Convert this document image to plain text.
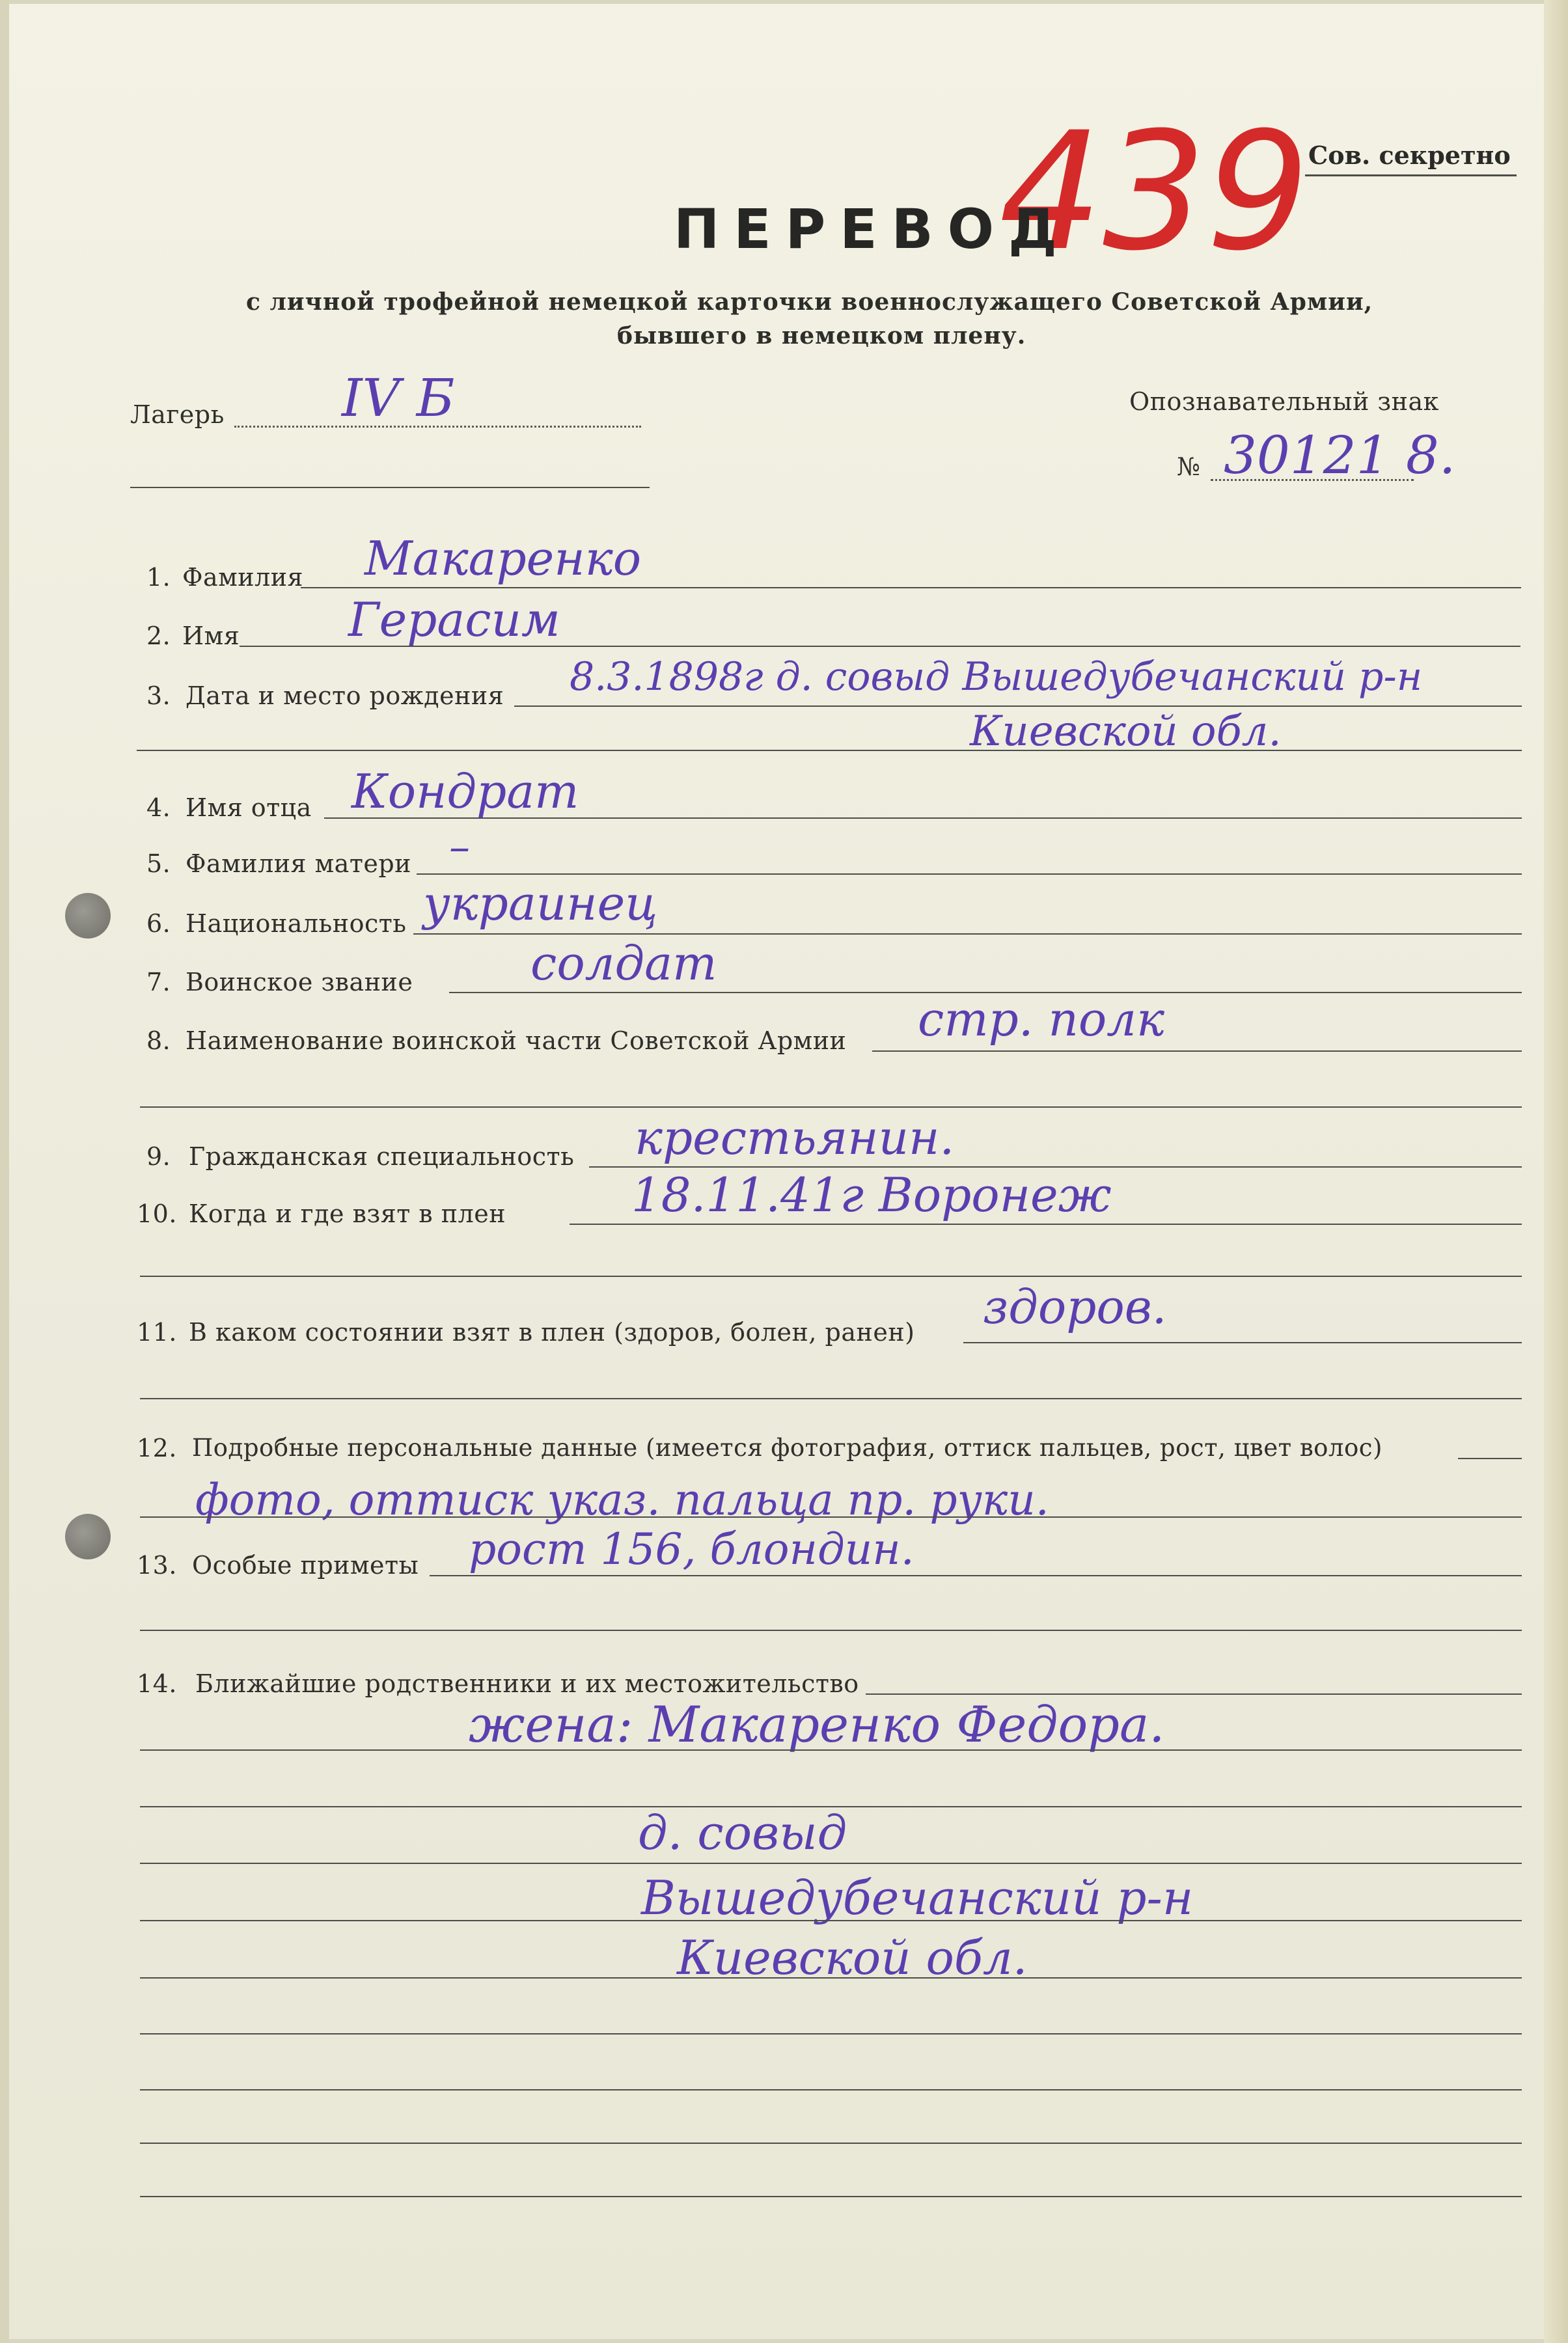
439
Сов. секретно
ПЕРЕВОД
с личной трофейной немецкой карточки военнослужащего Советской Армии,
бывшего в немецком плену.
Лагерь IV Б	Опознавательный знак
№ 30121 8.
1. Фамилия Макаренко
2. Имя Герасим
3. Дата и место рождения 8.3.1898г д. совыд Вышедубечанский р-н
Киевской обл.
4. Имя отца Кондрат
5. Фамилия матери –
6. Национальность украинец
7. Воинское звание	солдат
8. Наименование воинской части Советской Армии стр. полк
9. Гражданская специальность крестьянин.
10. Когда и где взят в плен	18.11.41г Воронеж
11. В каком состоянии взят в плен (здоров, болен, ранен) здоров.
12. Подробные персональные данные (имеется фотография, оттиск пальцев, рост, цвет волос)
фото, оттиск указ. пальца пр. руки.
13. Особые приметы рост 156, блондин.
14. Ближайшие родственники и их местожительство
жена: Макаренко Федора.
д. совыд
Вышедубечанский р-н
Киевской обл.
